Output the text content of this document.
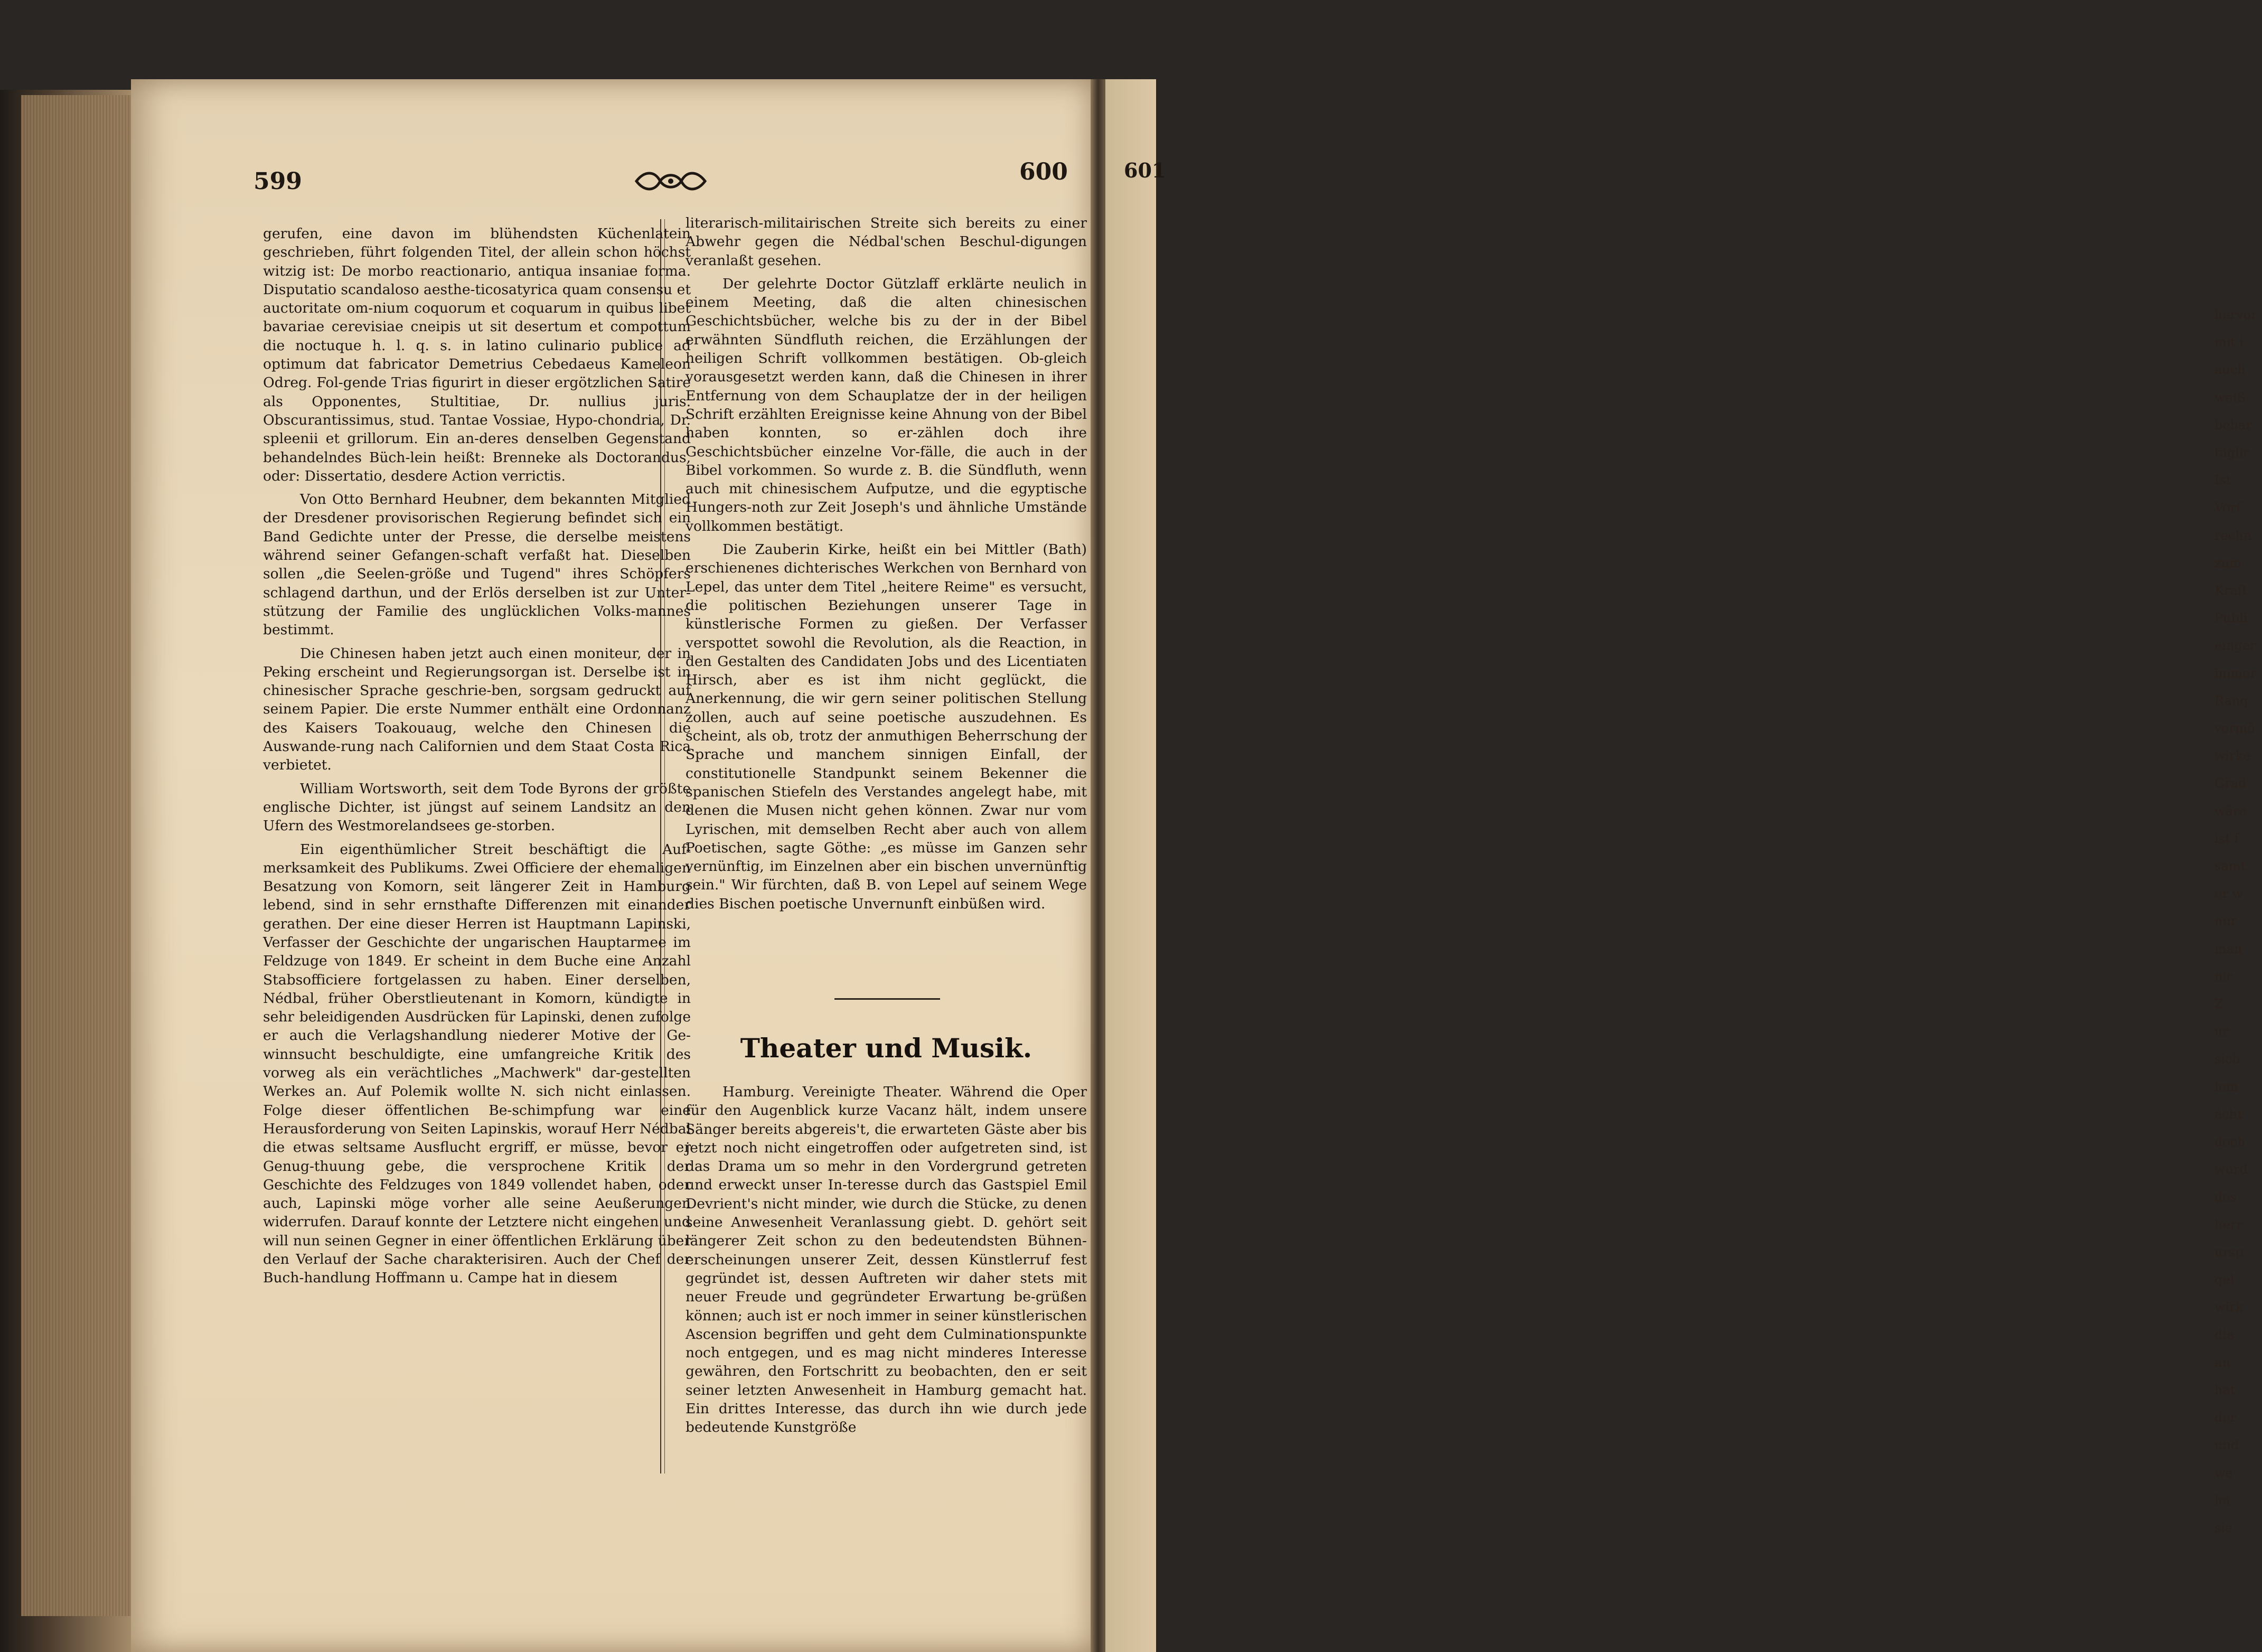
hervor
mit i
auch
weiß
behar
täglic
Ist
Vorf
rechn
zum
Kraft
Publi
einger
immer
Rang
vermö
wirke
Grad
wäre
ist f
samt
er w
nur
man
nic
Z
ur
sich
lem
ächt
doch
wurd
des
herr
ursp
gel
wirk
die
an
hat
der
und
we
lei
sie
599	600	601

gerufen, eine davon im blühendsten Küchenlatein geschrieben, führt folgenden Titel, der allein schon höchst witzig ist: De morbo reactionario, antiqua insaniae forma. Disputatio scandaloso aesthe-ticosatyrica quam consensu et auctoritate om-nium coquorum et coquarum in quibus libet bavariae cerevisiae cneipis ut sit desertum et compottum die noctuque h. l. q. s. in latino culinario publice ad optimum dat fabricator Demetrius Cebedaeus Kameleon Odreg. Fol-gende Trias figurirt in dieser ergötzlichen Satire als Opponentes, Stultitiae, Dr. nullius juris. Obscurantissimus, stud. Tantae Vossiae, Hypo-chondria, Dr. spleenii et grillorum. Ein an-deres denselben Gegenstand behandelndes Büch-lein heißt: Brenneke als Doctorandus, oder: Dissertatio, desdere Action verrictis.

Von Otto Bernhard Heubner, dem bekannten Mitglied der Dresdener provisorischen Regierung befindet sich ein Band Gedichte unter der Presse, die derselbe meistens während seiner Gefangen-schaft verfaßt hat. Dieselben sollen „die Seelen-größe und Tugend" ihres Schöpfers schlagend darthun, und der Erlös derselben ist zur Unter-stützung der Familie des unglücklichen Volks-mannes bestimmt.

Die Chinesen haben jetzt auch einen moniteur, der in Peking erscheint und Regierungsorgan ist. Derselbe ist in chinesischer Sprache geschrie-ben, sorgsam gedruckt auf seinem Papier. Die erste Nummer enthält eine Ordonnanz des Kaisers Toakouaug, welche den Chinesen die Auswande-rung nach Californien und dem Staat Costa Rica verbietet.

William Wortsworth, seit dem Tode Byrons der größte englische Dichter, ist jüngst auf seinem Landsitz an den Ufern des Westmorelandsees ge-storben.

Ein eigenthümlicher Streit beschäftigt die Auf-merksamkeit des Publikums. Zwei Officiere der ehemaligen Besatzung von Komorn, seit längerer Zeit in Hamburg lebend, sind in sehr ernsthafte Differenzen mit einander gerathen. Der eine dieser Herren ist Hauptmann Lapinski, Verfasser der Geschichte der ungarischen Hauptarmee im Feldzuge von 1849. Er scheint in dem Buche eine Anzahl Stabsofficiere fortgelassen zu haben. Einer derselben, Nédbal, früher Oberstlieutenant in Komorn, kündigte in sehr beleidigenden Ausdrücken für Lapinski, denen zufolge er auch die Verlagshandlung niederer Motive der Ge-winnsucht beschuldigte, eine umfangreiche Kritik des vorweg als ein verächtliches „Machwerk" dar-gestellten Werkes an. Auf Polemik wollte N. sich nicht einlassen. Folge dieser öffentlichen Be-schimpfung war eine Herausforderung von Seiten Lapinskis, worauf Herr Nédbal die etwas seltsame Ausflucht ergriff, er müsse, bevor er Genug-thuung gebe, die versprochene Kritik der Geschichte des Feldzuges von 1849 vollendet haben, oder auch, Lapinski möge vorher alle seine Aeußerungen widerrufen. Darauf konnte der Letztere nicht eingehen und will nun seinen Gegner in einer öffentlichen Erklärung über den Verlauf der Sache charakterisiren. Auch der Chef der Buch-handlung Hoffmann u. Campe hat in diesem

literarisch-militairischen Streite sich bereits zu einer Abwehr gegen die Nédbal'schen Beschul-digungen veranlaßt gesehen.

Der gelehrte Doctor Gützlaff erklärte neulich in einem Meeting, daß die alten chinesischen Geschichtsbücher, welche bis zu der in der Bibel erwähnten Sündfluth reichen, die Erzählungen der heiligen Schrift vollkommen bestätigen. Ob-gleich vorausgesetzt werden kann, daß die Chinesen in ihrer Entfernung von dem Schauplatze der in der heiligen Schrift erzählten Ereignisse keine Ahnung von der Bibel haben konnten, so er-zählen doch ihre Geschichtsbücher einzelne Vor-fälle, die auch in der Bibel vorkommen. So wurde z. B. die Sündfluth, wenn auch mit chinesischem Aufputze, und die egyptische Hungers-noth zur Zeit Joseph's und ähnliche Umstände vollkommen bestätigt.

Die Zauberin Kirke, heißt ein bei Mittler (Bath) erschienenes dichterisches Werkchen von Bernhard von Lepel, das unter dem Titel „heitere Reime" es versucht, die politischen Beziehungen unserer Tage in künstlerische Formen zu gießen. Der Verfasser verspottet sowohl die Revolution, als die Reaction, in den Gestalten des Candidaten Jobs und des Licentiaten Hirsch, aber es ist ihm nicht geglückt, die Anerkennung, die wir gern seiner politischen Stellung zollen, auch auf seine poetische auszudehnen. Es scheint, als ob, trotz der anmuthigen Beherrschung der Sprache und manchem sinnigen Einfall, der constitutionelle Standpunkt seinem Bekenner die spanischen Stiefeln des Verstandes angelegt habe, mit denen die Musen nicht gehen können. Zwar nur vom Lyrischen, mit demselben Recht aber auch von allem Poetischen, sagte Göthe: „es müsse im Ganzen sehr vernünftig, im Einzelnen aber ein bischen unvernünftig sein." Wir fürchten, daß B. von Lepel auf seinem Wege dies Bischen poetische Unvernunft einbüßen wird.

Theater und Musik.

Hamburg. Vereinigte Theater. Während die Oper für den Augenblick kurze Vacanz hält, indem unsere Sänger bereits abgereis't, die erwarteten Gäste aber bis jetzt noch nicht eingetroffen oder aufgetreten sind, ist das Drama um so mehr in den Vordergrund getreten und erweckt unser In-teresse durch das Gastspiel Emil Devrient's nicht minder, wie durch die Stücke, zu denen seine Anwesenheit Veranlassung giebt. D. gehört seit längerer Zeit schon zu den bedeutendsten Bühnen-erscheinungen unserer Zeit, dessen Künstlerruf fest gegründet ist, dessen Auftreten wir daher stets mit neuer Freude und gegründeter Erwartung be-grüßen können; auch ist er noch immer in seiner künstlerischen Ascension begriffen und geht dem Culminationspunkte noch entgegen, und es mag nicht minderes Interesse gewähren, den Fortschritt zu beobachten, den er seit seiner letzten Anwesenheit in Hamburg gemacht hat. Ein drittes Interesse, das durch ihn wie durch jede bedeutende Kunstgröße
